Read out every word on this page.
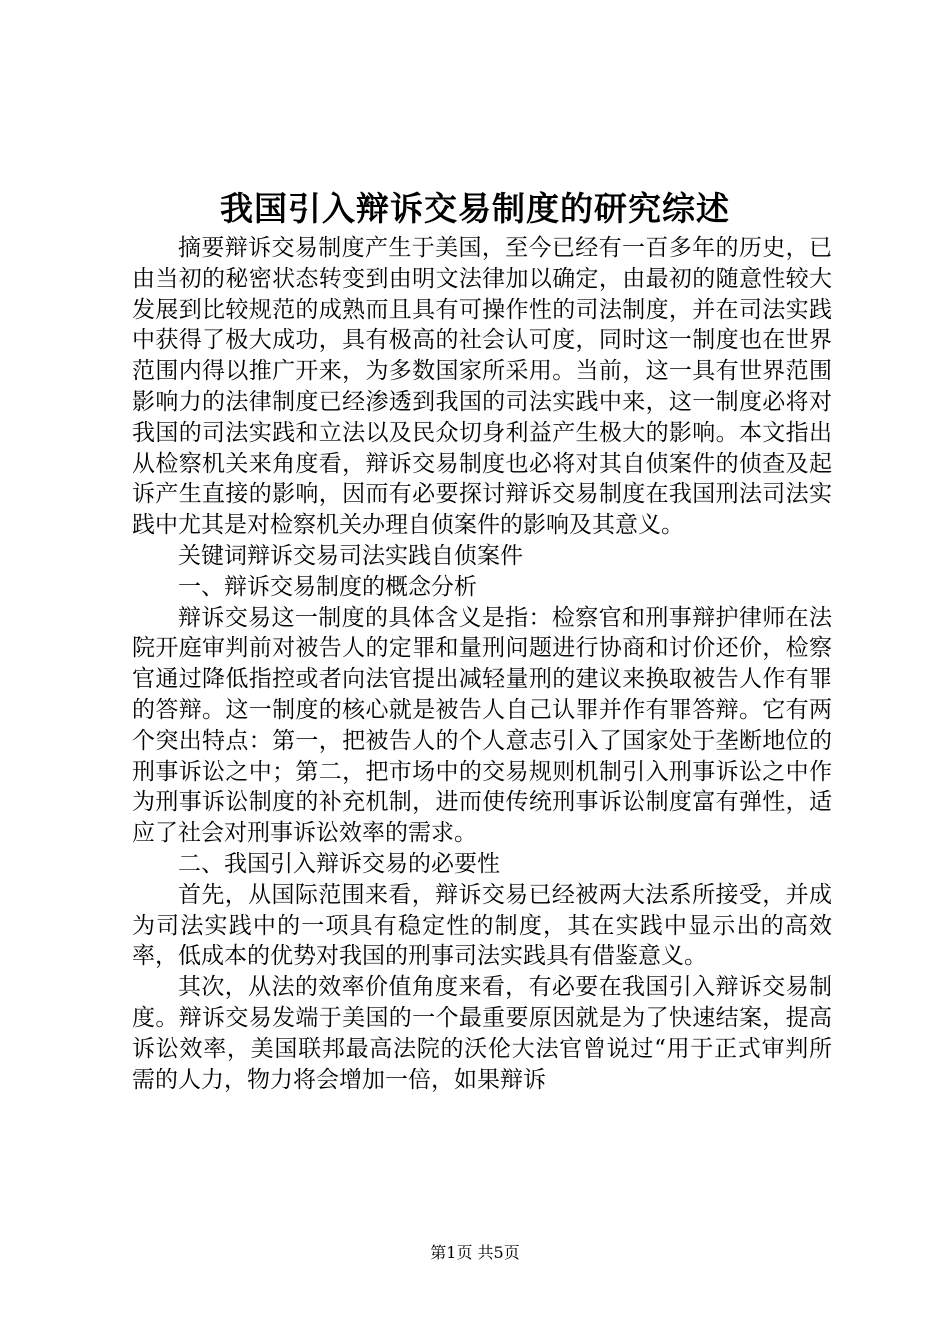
我国引入辩诉交易制度的研究综述

摘要辩诉交易制度产生于美国，至今已经有一百多年的历史，已由当初的秘密状态转变到由明文法律加以确定，由最初的随意性较大发展到比较规范的成熟而且具有可操作性的司法制度，并在司法实践中获得了极大成功，具有极高的社会认可度，同时这一制度也在世界范围内得以推广开来，为多数国家所采用。当前，这一具有世界范围影响力的法律制度已经渗透到我国的司法实践中来，这一制度必将对我国的司法实践和立法以及民众切身利益产生极大的影响。本文指出从检察机关来角度看，辩诉交易制度也必将对其自侦案件的侦查及起诉产生直接的影响，因而有必要探讨辩诉交易制度在我国刑法司法实践中尤其是对检察机关办理自侦案件的影响及其意义。

关键词辩诉交易司法实践自侦案件

一、辩诉交易制度的概念分析

辩诉交易这一制度的具体含义是指：检察官和刑事辩护律师在法院开庭审判前对被告人的定罪和量刑问题进行协商和讨价还价，检察官通过降低指控或者向法官提出减轻量刑的建议来换取被告人作有罪的答辩。这一制度的核心就是被告人自己认罪并作有罪答辩。它有两个突出特点：第一，把被告人的个人意志引入了国家处于垄断地位的刑事诉讼之中；第二，把市场中的交易规则机制引入刑事诉讼之中作为刑事诉讼制度的补充机制，进而使传统刑事诉讼制度富有弹性，适应了社会对刑事诉讼效率的需求。

二、我国引入辩诉交易的必要性

首先，从国际范围来看，辩诉交易已经被两大法系所接受，并成为司法实践中的一项具有稳定性的制度，其在实践中显示出的高效率，低成本的优势对我国的刑事司法实践具有借鉴意义。

其次，从法的效率价值角度来看，有必要在我国引入辩诉交易制度。辩诉交易发端于美国的一个最重要原因就是为了快速结案，提高诉讼效率，美国联邦最高法院的沃伦大法官曾说过“用于正式审判所需的人力，物力将会增加一倍，如果辩诉

第1页 共5页
